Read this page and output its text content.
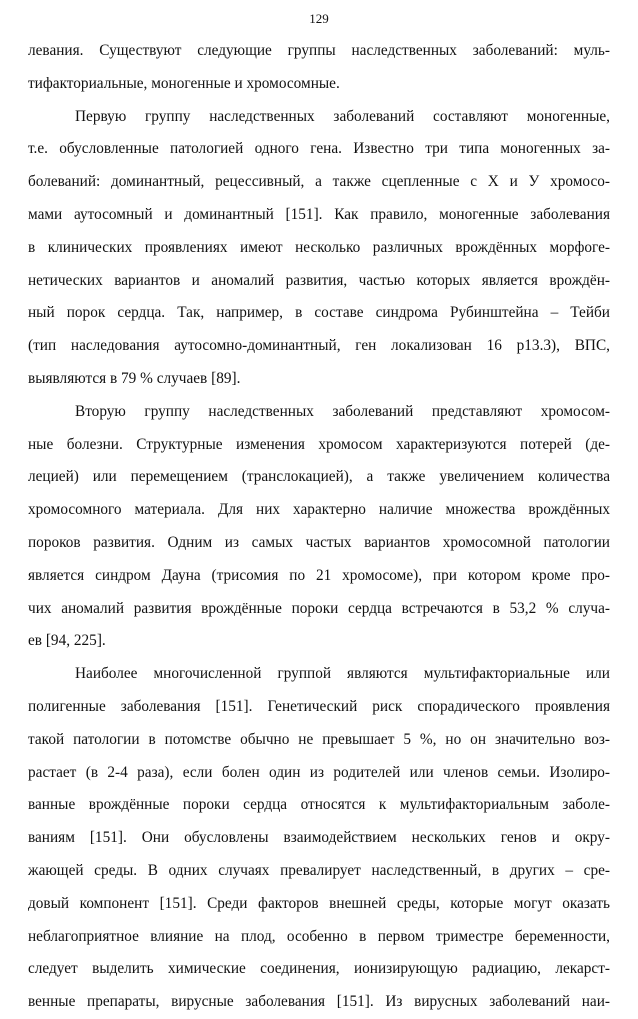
129
левания. Существуют следующие группы наследственных заболеваний: муль-
тифакториальные, моногенные и хромосомные.
Первую группу наследственных заболеваний составляют моногенные,
т.е. обусловленные патологией одного гена. Известно три типа моногенных за-
болеваний: доминантный, рецессивный, а также сцепленные с X и У хромосо-
мами аутосомный и доминантный [151]. Как правило, моногенные заболевания
в клинических проявлениях имеют несколько различных врождённых морфоге-
нетических вариантов и аномалий развития, частью которых является врождён-
ный порок сердца. Так, например, в составе синдрома Рубинштейна – Тейби
(тип наследования аутосомно-доминантный, ген локализован 16 p13.3), ВПС,
выявляются в 79 % случаев [89].
Вторую группу наследственных заболеваний представляют хромосом-
ные болезни. Структурные изменения хромосом характеризуются потерей (де-
лецией) или перемещением (транслокацией), а также увеличением количества
хромосомного материала. Для них характерно наличие множества врождённых
пороков развития. Одним из самых частых вариантов хромосомной патологии
является синдром Дауна (трисомия по 21 хромосоме), при котором кроме про-
чих аномалий развития врождённые пороки сердца встречаются в 53,2 % случа-
ев [94, 225].
Наиболее многочисленной группой являются мультифакториальные или
полигенные заболевания [151]. Генетический риск спорадического проявления
такой патологии в потомстве обычно не превышает 5 %, но он значительно воз-
растает (в 2-4 раза), если болен один из родителей или членов семьи. Изолиро-
ванные врождённые пороки сердца относятся к мультифакториальным заболе-
ваниям [151]. Они обусловлены взаимодействием нескольких генов и окру-
жающей среды. В одних случаях превалирует наследственный, в других – сре-
довый компонент [151]. Среди факторов внешней среды, которые могут оказать
неблагоприятное влияние на плод, особенно в первом триместре беременности,
следует выделить химические соединения, ионизирующую радиацию, лекарст-
венные препараты, вирусные заболевания [151]. Из вирусных заболеваний наи-
